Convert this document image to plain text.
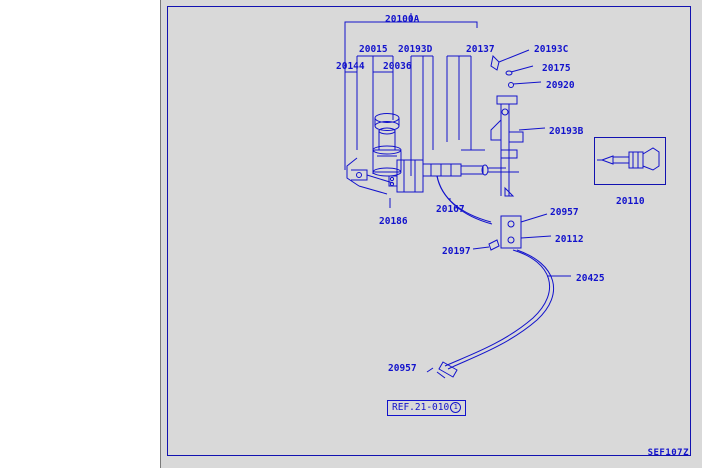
20100A
20015 20193D	20137	20193C
20144 20036	20175
20920
20193B
20110
20186
20167	20957
20112
20197
20425
20957
REF.21-010 1
SEF107Z
